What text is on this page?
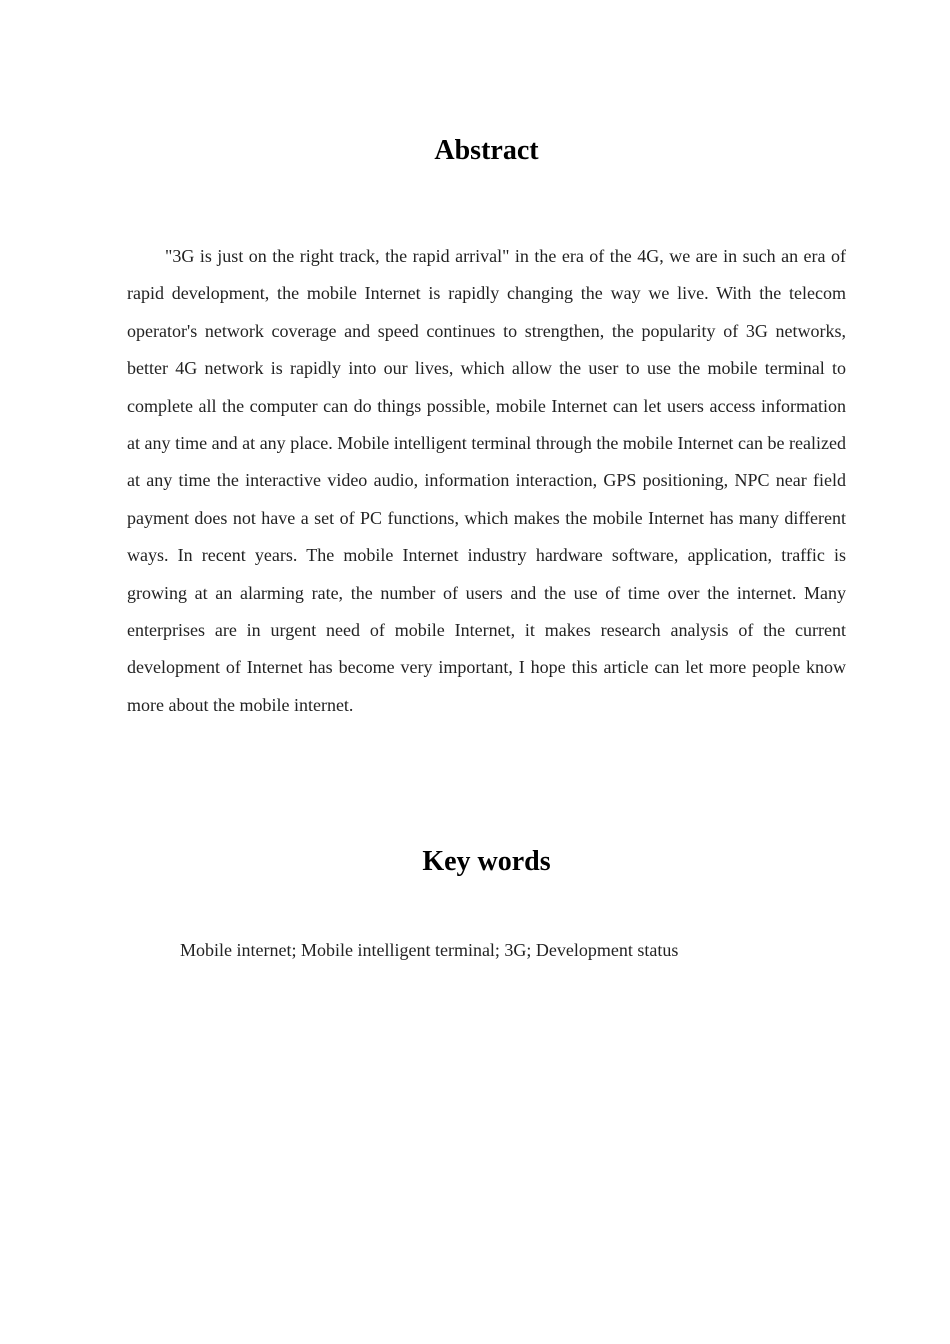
Abstract

"3G is just on the right track, the rapid arrival" in the era of the 4G, we are in such an era of rapid development, the mobile Internet is rapidly changing the way we live. With the telecom operator's network coverage and speed continues to strengthen, the popularity of 3G networks, better 4G network is rapidly into our lives, which allow the user to use the mobile terminal to complete all the computer can do things possible, mobile Internet can let users access information at any time and at any place. Mobile intelligent terminal through the mobile Internet can be realized at any time the interactive video audio, information interaction, GPS positioning, NPC near field payment does not have a set of PC functions, which makes the mobile Internet has many different ways. In recent years. The mobile Internet industry hardware software, application, traffic is growing at an alarming rate, the number of users and the use of time over the internet. Many enterprises are in urgent need of mobile Internet, it makes research analysis of the current development of Internet has become very important, I hope this article can let more people know more about the mobile internet.

Key words

Mobile internet; Mobile intelligent terminal; 3G; Development status
